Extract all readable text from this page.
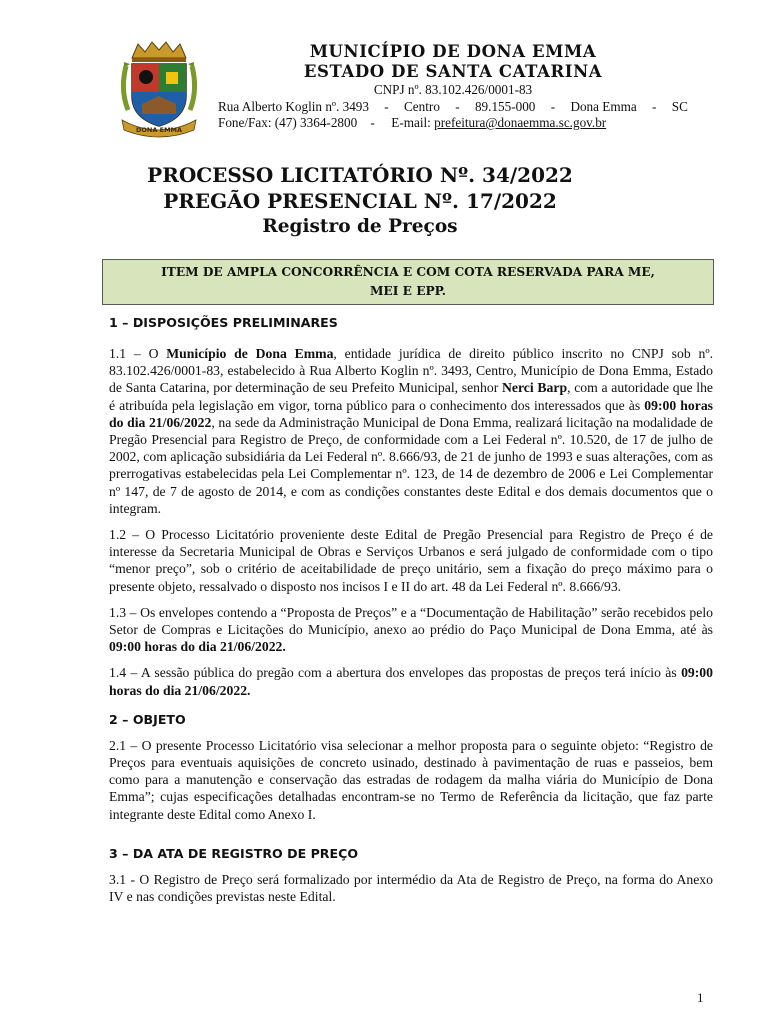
DONA EMMA
MUNICÍPIO DE DONA EMMA
ESTADO DE SANTA CATARINA
CNPJ nº. 83.102.426/0001-83
Rua Alberto Koglin nº. 3493 - Centro - 89.155-000 - Dona Emma - SC
Fone/Fax: (47) 3364-2800 - E-mail: prefeitura@donaemma.sc.gov.br
PROCESSO LICITATÓRIO Nº. 34/2022
PREGÃO PRESENCIAL Nº. 17/2022
Registro de Preços
ITEM DE AMPLA CONCORRÊNCIA E COM COTA RESERVADA PARA ME,
MEI E EPP.
1 – DISPOSIÇÕES PRELIMINARES

1.1 – O Município de Dona Emma, entidade jurídica de direito público inscrito no CNPJ sob nº. 83.102.426/0001-83, estabelecido à Rua Alberto Koglin nº. 3493, Centro, Município de Dona Emma, Estado de Santa Catarina, por determinação de seu Prefeito Municipal, senhor Nerci Barp, com a autoridade que lhe é atribuída pela legislação em vigor, torna público para o conhecimento dos interessados que às 09:00 horas do dia 21/06/2022, na sede da Administração Municipal de Dona Emma, realizará licitação na modalidade de Pregão Presencial para Registro de Preço, de conformidade com a Lei Federal nº. 10.520, de 17 de julho de 2002, com aplicação subsidiária da Lei Federal nº. 8.666/93, de 21 de junho de 1993 e suas alterações, com as prerrogativas estabelecidas pela Lei Complementar nº. 123, de 14 de dezembro de 2006 e Lei Complementar nº 147, de 7 de agosto de 2014, e com as condições constantes deste Edital e dos demais documentos que o integram.

1.2 – O Processo Licitatório proveniente deste Edital de Pregão Presencial para Registro de Preço é de interesse da Secretaria Municipal de Obras e Serviços Urbanos e será julgado de conformidade com o tipo “menor preço”, sob o critério de aceitabilidade de preço unitário, sem a fixação do preço máximo para o presente objeto, ressalvado o disposto nos incisos I e II do art. 48 da Lei Federal nº. 8.666/93.

1.3 – Os envelopes contendo a “Proposta de Preços” e a “Documentação de Habilitação” serão recebidos pelo Setor de Compras e Licitações do Município, anexo ao prédio do Paço Municipal de Dona Emma, até às 09:00 horas do dia 21/06/2022.

1.4 – A sessão pública do pregão com a abertura dos envelopes das propostas de preços terá início às 09:00 horas do dia 21/06/2022.

2 – OBJETO

2.1 – O presente Processo Licitatório visa selecionar a melhor proposta para o seguinte objeto: “Registro de Preços para eventuais aquisições de concreto usinado, destinado à pavimentação de ruas e passeios, bem como para a manutenção e conservação das estradas de rodagem da malha viária do Município de Dona Emma”; cujas especificações detalhadas encontram-se no Termo de Referência da licitação, que faz parte integrante deste Edital como Anexo I.

3 – DA ATA DE REGISTRO DE PREÇO

3.1 - O Registro de Preço será formalizado por intermédio da Ata de Registro de Preço, na forma do Anexo IV e nas condições previstas neste Edital.

1
